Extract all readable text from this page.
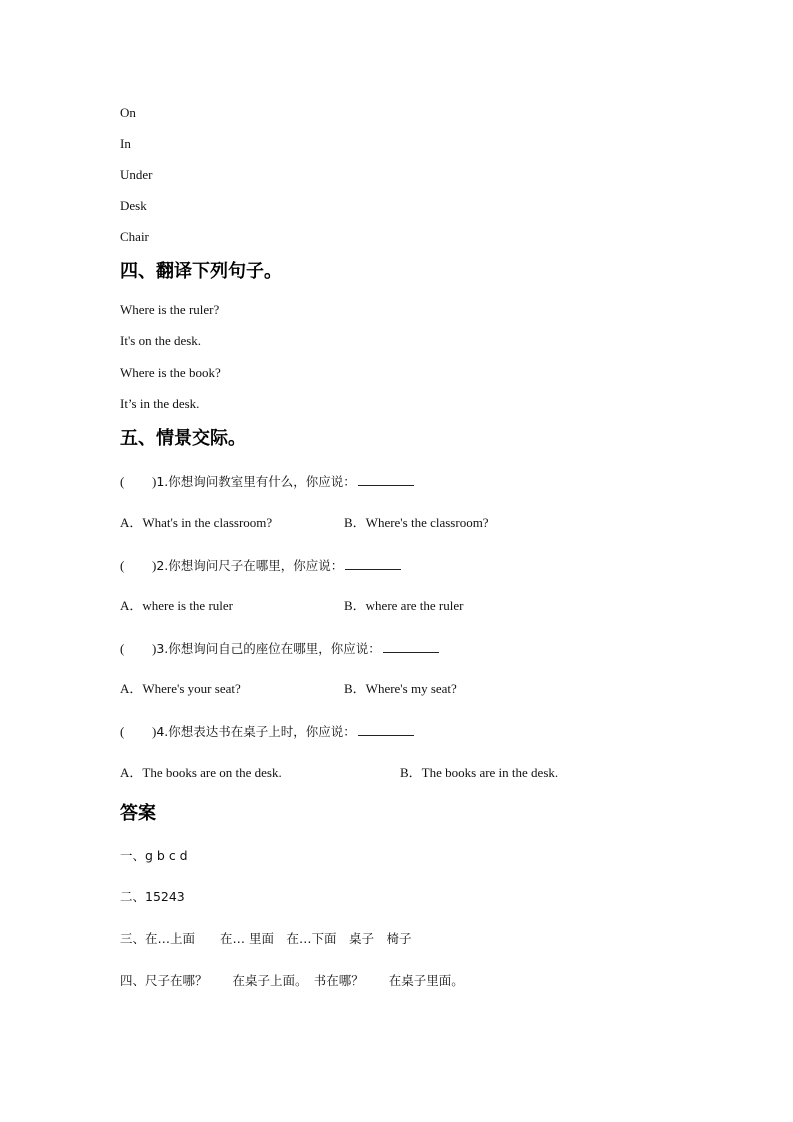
On
In
Under
Desk
Chair
四、翻译下列句子。
Where is the ruler?
It's on the desk.
Where is the book?
It’s in the desk.
五、情景交际。
( )1.你想询问教室里有什么，你应说：
A．What's in the classroom?	B．Where's the classroom?
( )2.你想询问尺子在哪里，你应说：
A．where is the ruler	B．where are the ruler
( )3.你想询问自己的座位在哪里，你应说：
A．Where's your seat?	B．Where's my seat?
( )4.你想表达书在桌子上时，你应说：
A．The books are on the desk.	B．The books are in the desk.
答案
一、g b c d
二、15243
三、在…上面　　在… 里面　在…下面　桌子　椅子
四、尺子在哪？　　在桌子上面。　书在哪？　　在桌子里面。
